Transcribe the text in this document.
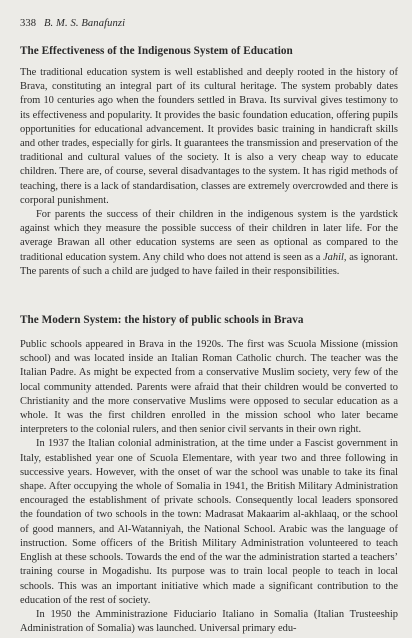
338 B. M. S. Banafunzi
The Effectiveness of the Indigenous System of Education

The traditional education system is well established and deeply rooted in the history of Brava, constituting an integral part of its cultural heritage. The system probably dates from 10 centuries ago when the founders settled in Brava. Its survival gives testimony to its effectiveness and popularity. It provides the basic foundation education, offering pupils opportunities for educational advancement. It provides basic training in handicraft skills and other trades, especially for girls. It guarantees the transmission and preservation of the traditional and cultural values of the society. It is also a very cheap way to educate children. There are, of course, several disadvantages to the system. It has rigid methods of teaching, there is a lack of standardisation, classes are extremely overcrowded and there is corporal punishment.

For parents the success of their children in the indigenous system is the yardstick against which they measure the possible success of their children in later life. For the average Brawan all other education systems are seen as optional as compared to the traditional education system. Any child who does not attend is seen as a Jahil, as ignorant. The parents of such a child are judged to have failed in their responsibilities.

The Modern System: the history of public schools in Brava

Public schools appeared in Brava in the 1920s. The first was Scuola Missione (mission school) and was located inside an Italian Roman Catholic church. The teacher was the Italian Padre. As might be expected from a conservative Muslim society, very few of the local community attended. Parents were afraid that their children would be converted to Christianity and the more conservative Muslims were opposed to secular education as a whole. It was the first children enrolled in the mission school who later became interpreters to the colonial rulers, and then senior civil servants in their own right.

In 1937 the Italian colonial administration, at the time under a Fascist government in Italy, established year one of Scuola Elementare, with year two and three following in successive years. However, with the onset of war the school was unable to take its final shape. After occupying the whole of Somalia in 1941, the British Military Administration encouraged the establishment of private schools. Consequently local leaders sponsored the foundation of two schools in the town: Madrasat Makaarim al-akhlaaq, or the school of good manners, and Al-Watanniyah, the National School. Arabic was the language of instruction. Some officers of the British Military Administration volunteered to teach English at these schools. Towards the end of the war the administration started a teachers’ training course in Mogadishu. Its purpose was to train local people to teach in local schools. This was an important initiative which made a significant contribution to the education of the rest of society.

In 1950 the Amministrazione Fiduciario Italiano in Somalia (Italian Trusteeship Administration of Somalia) was launched. Universal primary edu-
